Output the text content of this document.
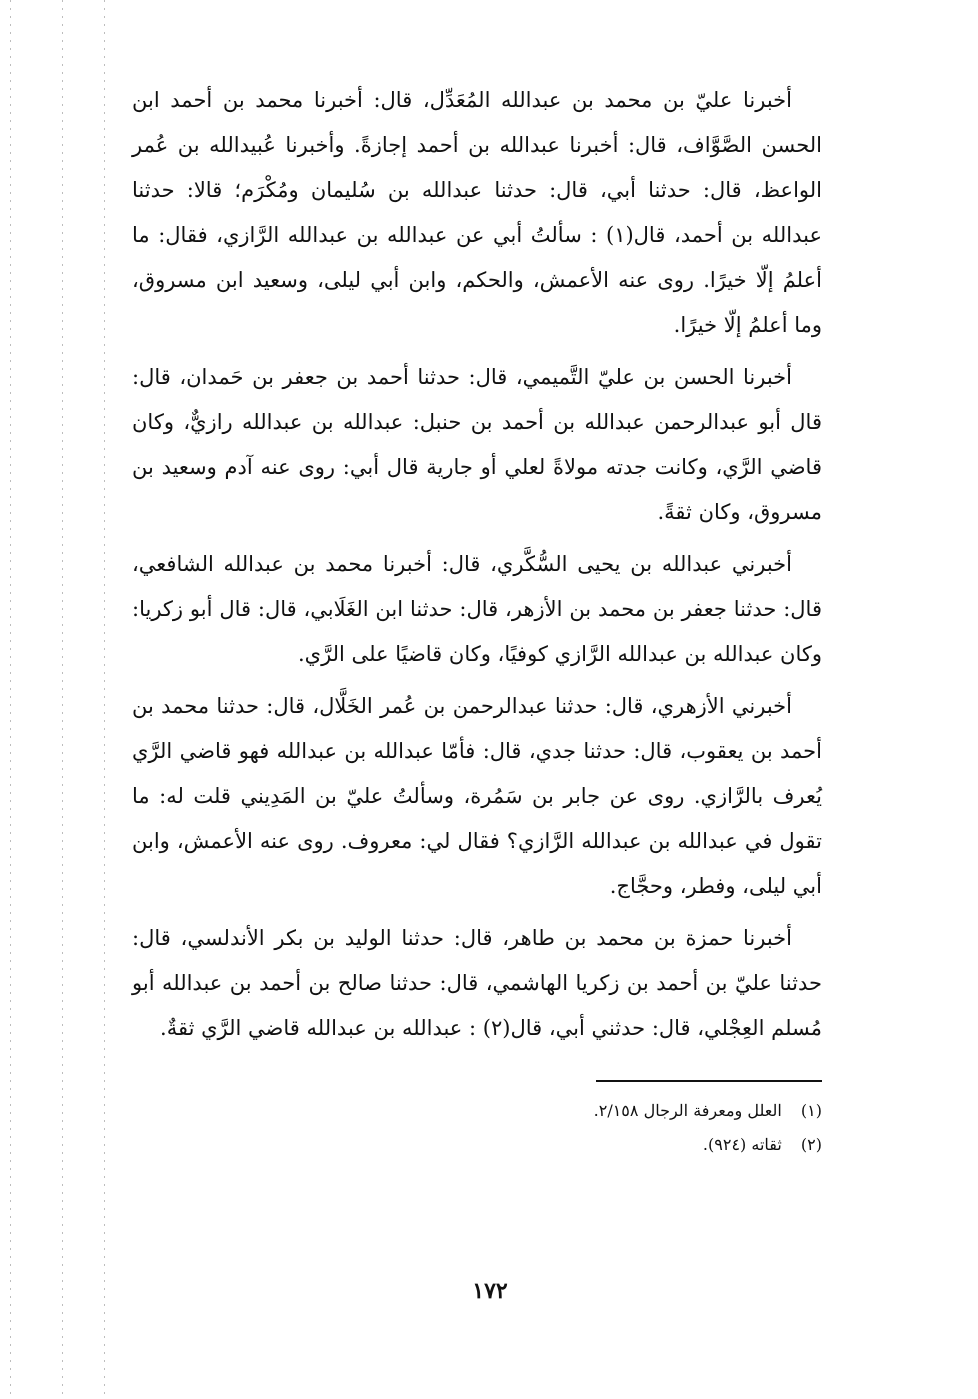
أخبرنا عليّ بن محمد بن عبدالله المُعَدِّل، قال: أخبرنا محمد بن أحمد ابن الحسن الصَّوَّاف، قال: أخبرنا عبدالله بن أحمد إجازةً. وأخبرنا عُبيدالله بن عُمر الواعظ، قال: حدثنا أبي، قال: حدثنا عبدالله بن سُليمان ومُكْرَم؛ قالا: حدثنا عبدالله بن أحمد، قال(١) : سألتُ أبي عن عبدالله بن عبدالله الرَّازي، فقال: ما أعلمُ إلّا خيرًا. روى عنه الأعمش، والحكم، وابن أبي ليلى، وسعيد ابن مسروق، وما أعلمُ إلّا خيرًا.

أخبرنا الحسن بن عليّ التَّميمي، قال: حدثنا أحمد بن جعفر بن حَمدان، قال: قال أبو عبدالرحمن عبدالله بن أحمد بن حنبل: عبدالله بن عبدالله رازيٌّ، وكان قاضي الرَّي، وكانت جدته مولاةً لعلي أو جارية قال أبي: روى عنه آدم وسعيد بن مسروق، وكان ثقةً.

أخبرني عبدالله بن يحيى السُّكَّري، قال: أخبرنا محمد بن عبدالله الشافعي، قال: حدثنا جعفر بن محمد بن الأزهر، قال: حدثنا ابن الغَلَابي، قال: قال أبو زكريا: وكان عبدالله بن عبدالله الرَّازي كوفيًا، وكان قاضيًا على الرَّي.

أخبرني الأزهري، قال: حدثنا عبدالرحمن بن عُمر الخَلَّال، قال: حدثنا محمد بن أحمد بن يعقوب، قال: حدثنا جدي، قال: فأمّا عبدالله بن عبدالله فهو قاضي الرَّي يُعرف بالرَّازي. روى عن جابر بن سَمُرة، وسألتُ عليّ بن المَدِيني قلت له: ما تقول في عبدالله بن عبدالله الرَّازي؟ فقال لي: معروف. روى عنه الأعمش، وابن أبي ليلى، وفطر، وحجَّاج.

أخبرنا حمزة بن محمد بن طاهر، قال: حدثنا الوليد بن بكر الأندلسي، قال: حدثنا عليّ بن أحمد بن زكريا الهاشمي، قال: حدثنا صالح بن أحمد بن عبدالله أبو مُسلم العِجْلي، قال: حدثني أبي، قال(٢) : عبدالله بن عبدالله قاضي الرَّي ثقةٌ.

(١) العلل ومعرفة الرجال ٢/١٥٨.

(٢) ثقاته (٩٢٤).

١٧٢
